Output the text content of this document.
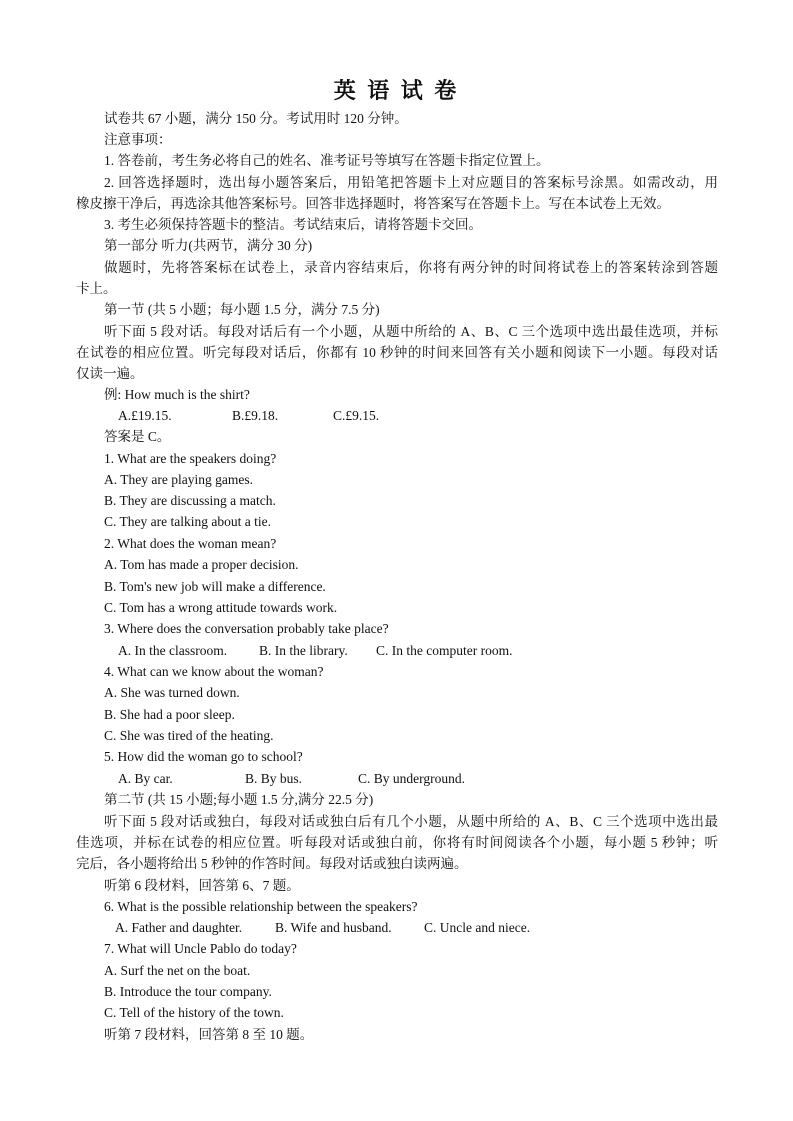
英 语 试 卷
试卷共 67 小题，满分 150 分。考试用时 120 分钟。
注意事项：
1. 答卷前，考生务必将自己的姓名、准考证号等填写在答题卡指定位置上。
2. 回答选择题时，选出每小题答案后，用铅笔把答题卡上对应题目的答案标号涂黑。如需改动，用
橡皮擦干净后，再选涂其他答案标号。回答非选择题时，将答案写在答题卡上。写在本试卷上无效。
3. 考生必须保持答题卡的整洁。考试结束后，请将答题卡交回。
第一部分 听力(共两节，满分 30 分)
做题时，先将答案标在试卷上，录音内容结束后，你将有两分钟的时间将试卷上的答案转涂到答题
卡上。
第一节 (共 5 小题；每小题 1.5 分，满分 7.5 分)
听下面 5 段对话。每段对话后有一个小题，从题中所给的 A、B、C 三个选项中选出最佳选项，并标
在试卷的相应位置。听完每段对话后，你都有 10 秒钟的时间来回答有关小题和阅读下一小题。每段对话
仅读一遍。
例: How much is the shirt?
A.£19.15.	B.£9.18.	C.£9.15.
答案是 C。
1. What are the speakers doing?
A. They are playing games.
B. They are discussing a match.
C. They are talking about a tie.
2. What does the woman mean?
A. Tom has made a proper decision.
B. Tom's new job will make a difference.
C. Tom has a wrong attitude towards work.
3. Where does the conversation probably take place?
A. In the classroom. B. In the library. C. In the computer room.
4. What can we know about the woman?
A. She was turned down.
B. She had a poor sleep.
C. She was tired of the heating.
5. How did the woman go to school?
A. By car.	B. By bus.	C. By underground.
第二节 (共 15 小题;每小题 1.5 分,满分 22.5 分)
听下面 5 段对话或独白，每段对话或独白后有几个小题，从题中所给的 A、B、C 三个选项中选出最
佳选项，并标在试卷的相应位置。听每段对话或独白前，你将有时间阅读各个小题，每小题 5 秒钟；听
完后，各小题将给出 5 秒钟的作答时间。每段对话或独白读两遍。
听第 6 段材料，回答第 6、7 题。
6. What is the possible relationship between the speakers?
A. Father and daughter. B. Wife and husband. C. Uncle and niece.
7. What will Uncle Pablo do today?
A. Surf the net on the boat.
B. Introduce the tour company.
C. Tell of the history of the town.
听第 7 段材料，回答第 8 至 10 题。
